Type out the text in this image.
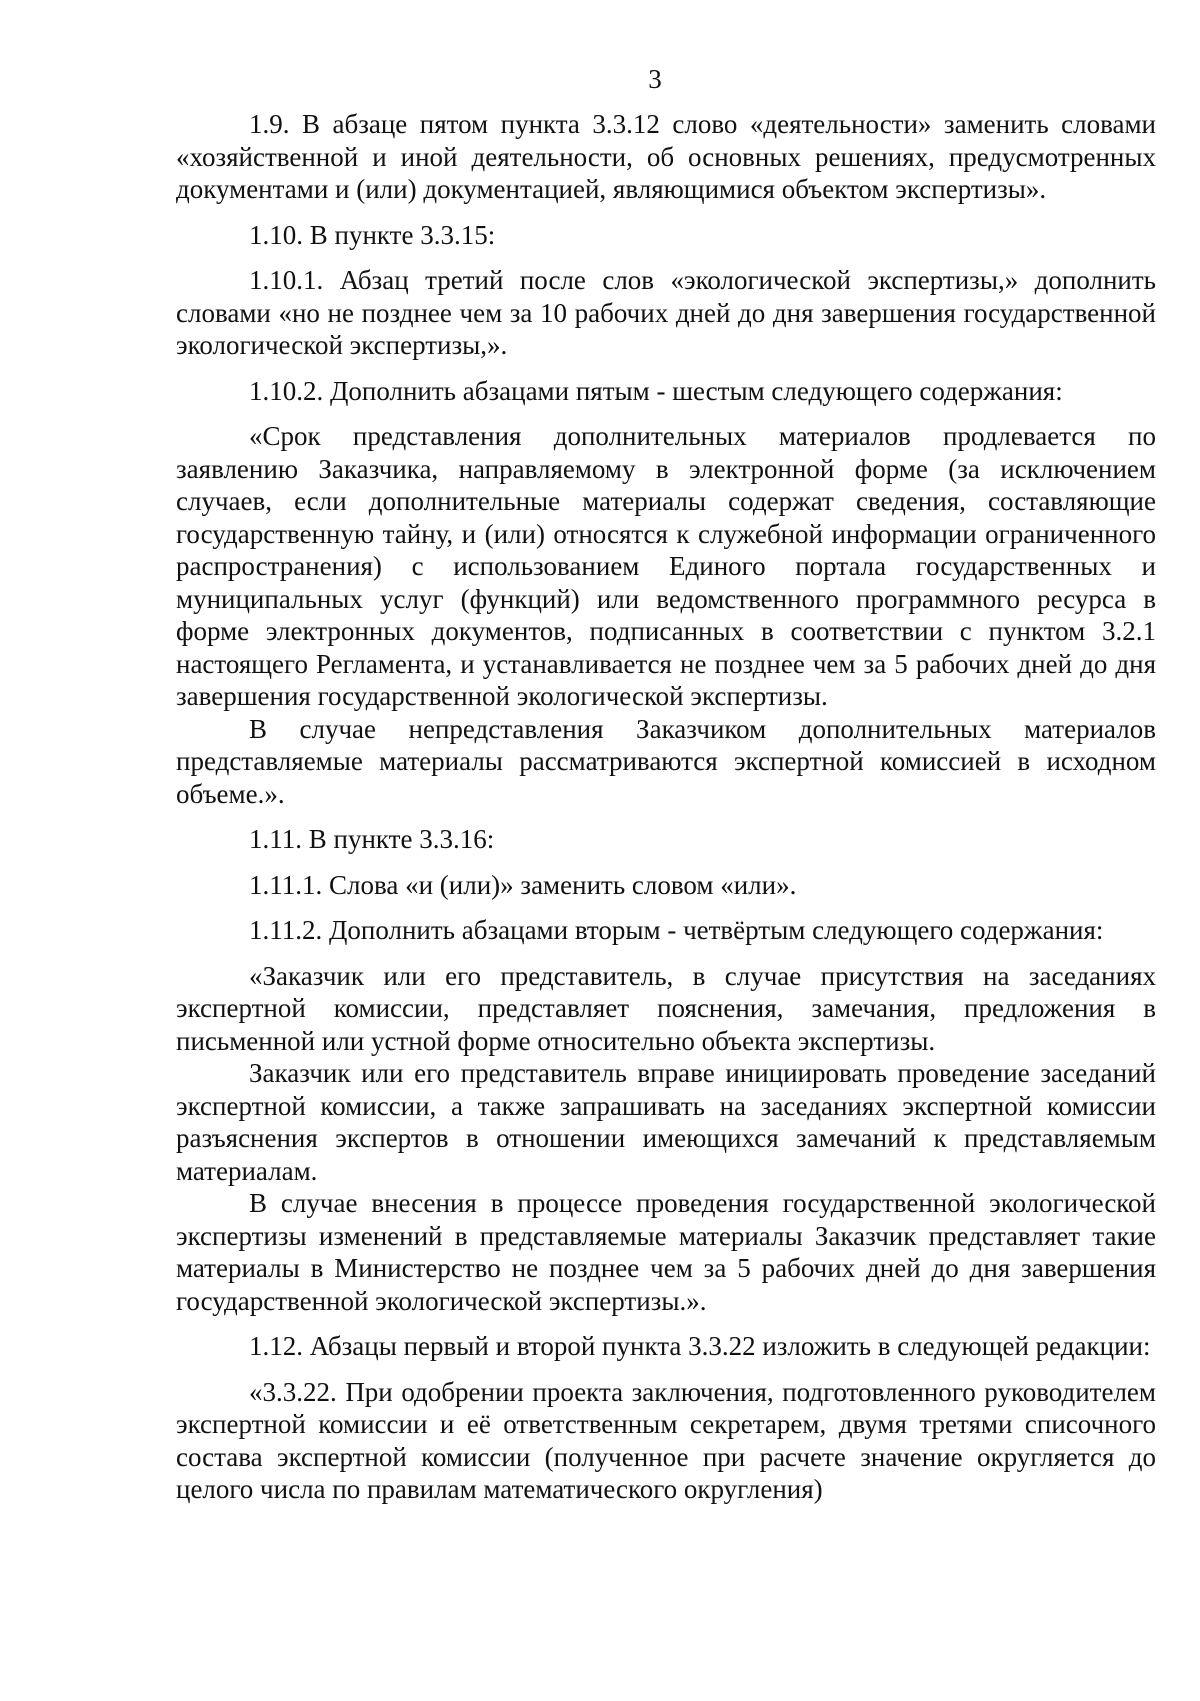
3

1.9. В абзаце пятом пункта 3.3.12 слово «деятельности» заменить словами «хозяйственной и иной деятельности, об основных решениях, предусмотренных документами и (или) документацией, являющимися объектом экспертизы».

1.10. В пункте 3.3.15:

1.10.1. Абзац третий после слов «экологической экспертизы,» дополнить словами «но не позднее чем за 10 рабочих дней до дня завершения государственной экологической экспертизы,».

1.10.2. Дополнить абзацами пятым - шестым следующего содержания:

«Срок представления дополнительных материалов продлевается по заявлению Заказчика, направляемому в электронной форме (за исключением случаев, если дополнительные материалы содержат сведения, составляющие государственную тайну, и (или) относятся к служебной информации ограниченного распространения) с использованием Единого портала государственных и муниципальных услуг (функций) или ведомственного программного ресурса в форме электронных документов, подписанных в соответствии с пунктом 3.2.1 настоящего Регламента, и устанавливается не позднее чем за 5 рабочих дней до дня завершения государственной экологической экспертизы.

В случае непредставления Заказчиком дополнительных материалов представляемые материалы рассматриваются экспертной комиссией в исходном объеме.».

1.11. В пункте 3.3.16:

1.11.1. Слова «и (или)» заменить словом «или».

1.11.2. Дополнить абзацами вторым - четвёртым следующего содержания:

«Заказчик или его представитель, в случае присутствия на заседаниях экспертной комиссии, представляет пояснения, замечания, предложения в письменной или устной форме относительно объекта экспертизы.

Заказчик или его представитель вправе инициировать проведение заседаний экспертной комиссии, а также запрашивать на заседаниях экспертной комиссии разъяснения экспертов в отношении имеющихся замечаний к представляемым материалам.

В случае внесения в процессе проведения государственной экологической экспертизы изменений в представляемые материалы Заказчик представляет такие материалы в Министерство не позднее чем за 5 рабочих дней до дня завершения государственной экологической экспертизы.».

1.12. Абзацы первый и второй пункта 3.3.22 изложить в следующей редакции:

«3.3.22. При одобрении проекта заключения, подготовленного руководителем экспертной комиссии и её ответственным секретарем, двумя третями списочного состава экспертной комиссии (полученное при расчете значение округляется до целого числа по правилам математического округления)
